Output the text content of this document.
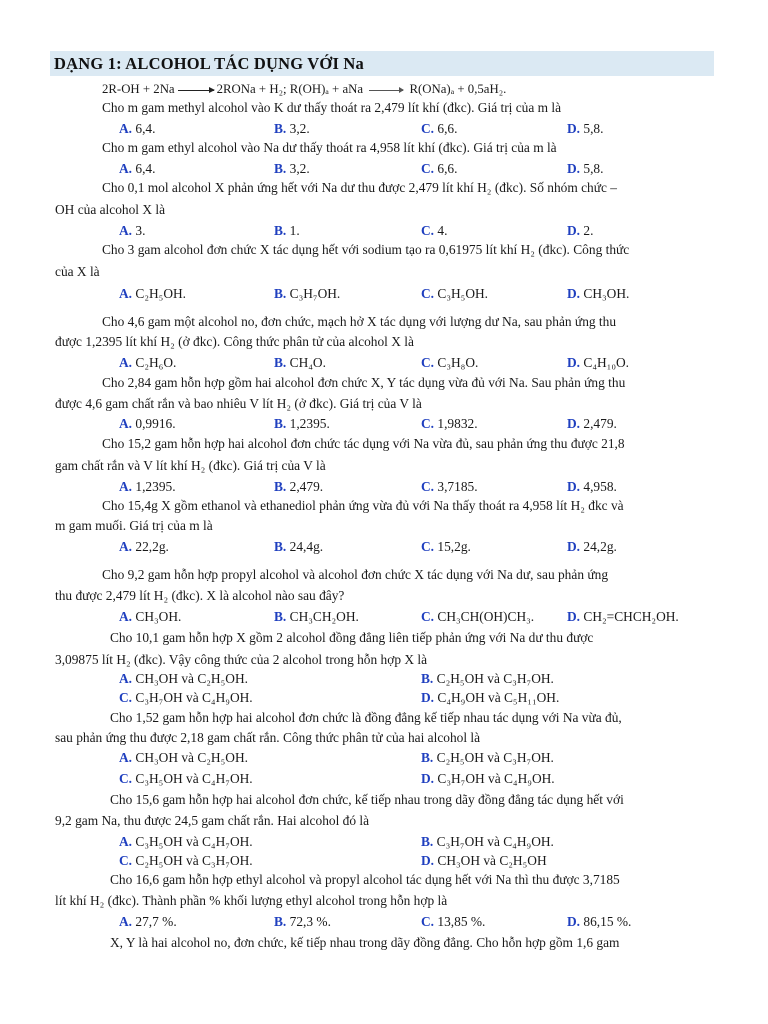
DẠNG 1: ALCOHOL TÁC DỤNG VỚI Na
2R-OH + 2Na → 2RONa + H₂; R(OH)ₐ + aNa → R(ONa)ₐ + 0,5aH₂.
Cho m gam methyl alcohol vào K dư thấy thoát ra 2,479 lít khí (đkc). Giá trị của m là
A. 6,4.	B. 3,2.	C. 6,6.	D. 5,8.
Cho m gam ethyl alcohol vào Na dư thấy thoát ra 4,958 lít khí (đkc). Giá trị của m là
A. 6,4.	B. 3,2.	C. 6,6.	D. 5,8.
Cho 0,1 mol alcohol X phản ứng hết với Na dư thu được 2,479 lít khí H₂ (đkc). Số nhóm chức –
OH của alcohol X là
A. 3.	B. 1.	C. 4.	D. 2.
Cho 3 gam alcohol đơn chức X tác dụng hết với sodium tạo ra 0,61975 lít khí H₂ (đkc). Công thức
của X là
A. C₂H₅OH.	B. C₃H₇OH.	C. C₃H₅OH.	D. CH₃OH.
Cho 4,6 gam một alcohol no, đơn chức, mạch hở X tác dụng với lượng dư Na, sau phản ứng thu
được 1,2395 lít khí H₂ (ở đkc). Công thức phân tử của alcohol X là
A. C₂H₆O.	B. CH₄O.	C. C₃H₈O.	D. C₄H₁₀O.
Cho 2,84 gam hỗn hợp gồm hai alcohol đơn chức X, Y tác dụng vừa đủ với Na. Sau phản ứng thu
được 4,6 gam chất rắn và bao nhiêu V lít H₂ (ở đkc). Giá trị của V là
A. 0,9916.	B. 1,2395.	C. 1,9832.	D. 2,479.
Cho 15,2 gam hỗn hợp hai alcohol đơn chức tác dụng với Na vừa đủ, sau phản ứng thu được 21,8
gam chất rắn và V lít khí H₂ (đkc). Giá trị của V là
A. 1,2395.	B. 2,479.	C. 3,7185.	D. 4,958.
Cho 15,4g X gồm ethanol và ethanediol phản ứng vừa đủ với Na thấy thoát ra 4,958 lít H₂ đkc và
m gam muối. Giá trị của m là
A. 22,2g.	B. 24,4g.	C. 15,2g.	D. 24,2g.
Cho 9,2 gam hỗn hợp propyl alcohol và alcohol đơn chức X tác dụng với Na dư, sau phản ứng
thu được 2,479 lít H₂ (đkc). X là alcohol nào sau đây?
A. CH₃OH.	B. CH₃CH₂OH.	C. CH₃CH(OH)CH₃. D. CH₂=CHCH₂OH.
Cho 10,1 gam hỗn hợp X gồm 2 alcohol đồng đẳng liên tiếp phản ứng với Na dư thu được
3,09875 lít H₂ (đkc). Vậy công thức của 2 alcohol trong hỗn hợp X là
A. CH₃OH và C₂H₅OH.	B. C₂H₅OH và C₃H₇OH.
C. C₃H₇OH và C₄H₉OH.	D. C₄H₉OH và C₅H₁₁OH.
Cho 1,52 gam hỗn hợp hai alcohol đơn chức là đồng đẳng kế tiếp nhau tác dụng với Na vừa đủ,
sau phản ứng thu được 2,18 gam chất rắn. Công thức phân tử của hai alcohol là
A. CH₃OH và C₂H₅OH.	B. C₂H₅OH và C₃H₇OH.
C. C₃H₅OH và C₄H₇OH.	D. C₃H₇OH và C₄H₉OH.
Cho 15,6 gam hỗn hợp hai alcohol đơn chức, kế tiếp nhau trong dãy đồng đẳng tác dụng hết với
9,2 gam Na, thu được 24,5 gam chất rắn. Hai alcohol đó là
A. C₃H₅OH và C₄H₇OH.	B. C₃H₇OH và C₄H₉OH.
C. C₂H₅OH và C₃H₇OH.	D. CH₃OH và C₂H₅OH
Cho 16,6 gam hỗn hợp ethyl alcohol và propyl alcohol tác dụng hết với Na thì thu được 3,7185
lít khí H₂ (đkc). Thành phần % khối lượng ethyl alcohol trong hỗn hợp là
A. 27,7 %.	B. 72,3 %.	C. 13,85 %.	D. 86,15 %.
X, Y là hai alcohol no, đơn chức, kế tiếp nhau trong dãy đồng đẳng. Cho hỗn hợp gồm 1,6 gam
